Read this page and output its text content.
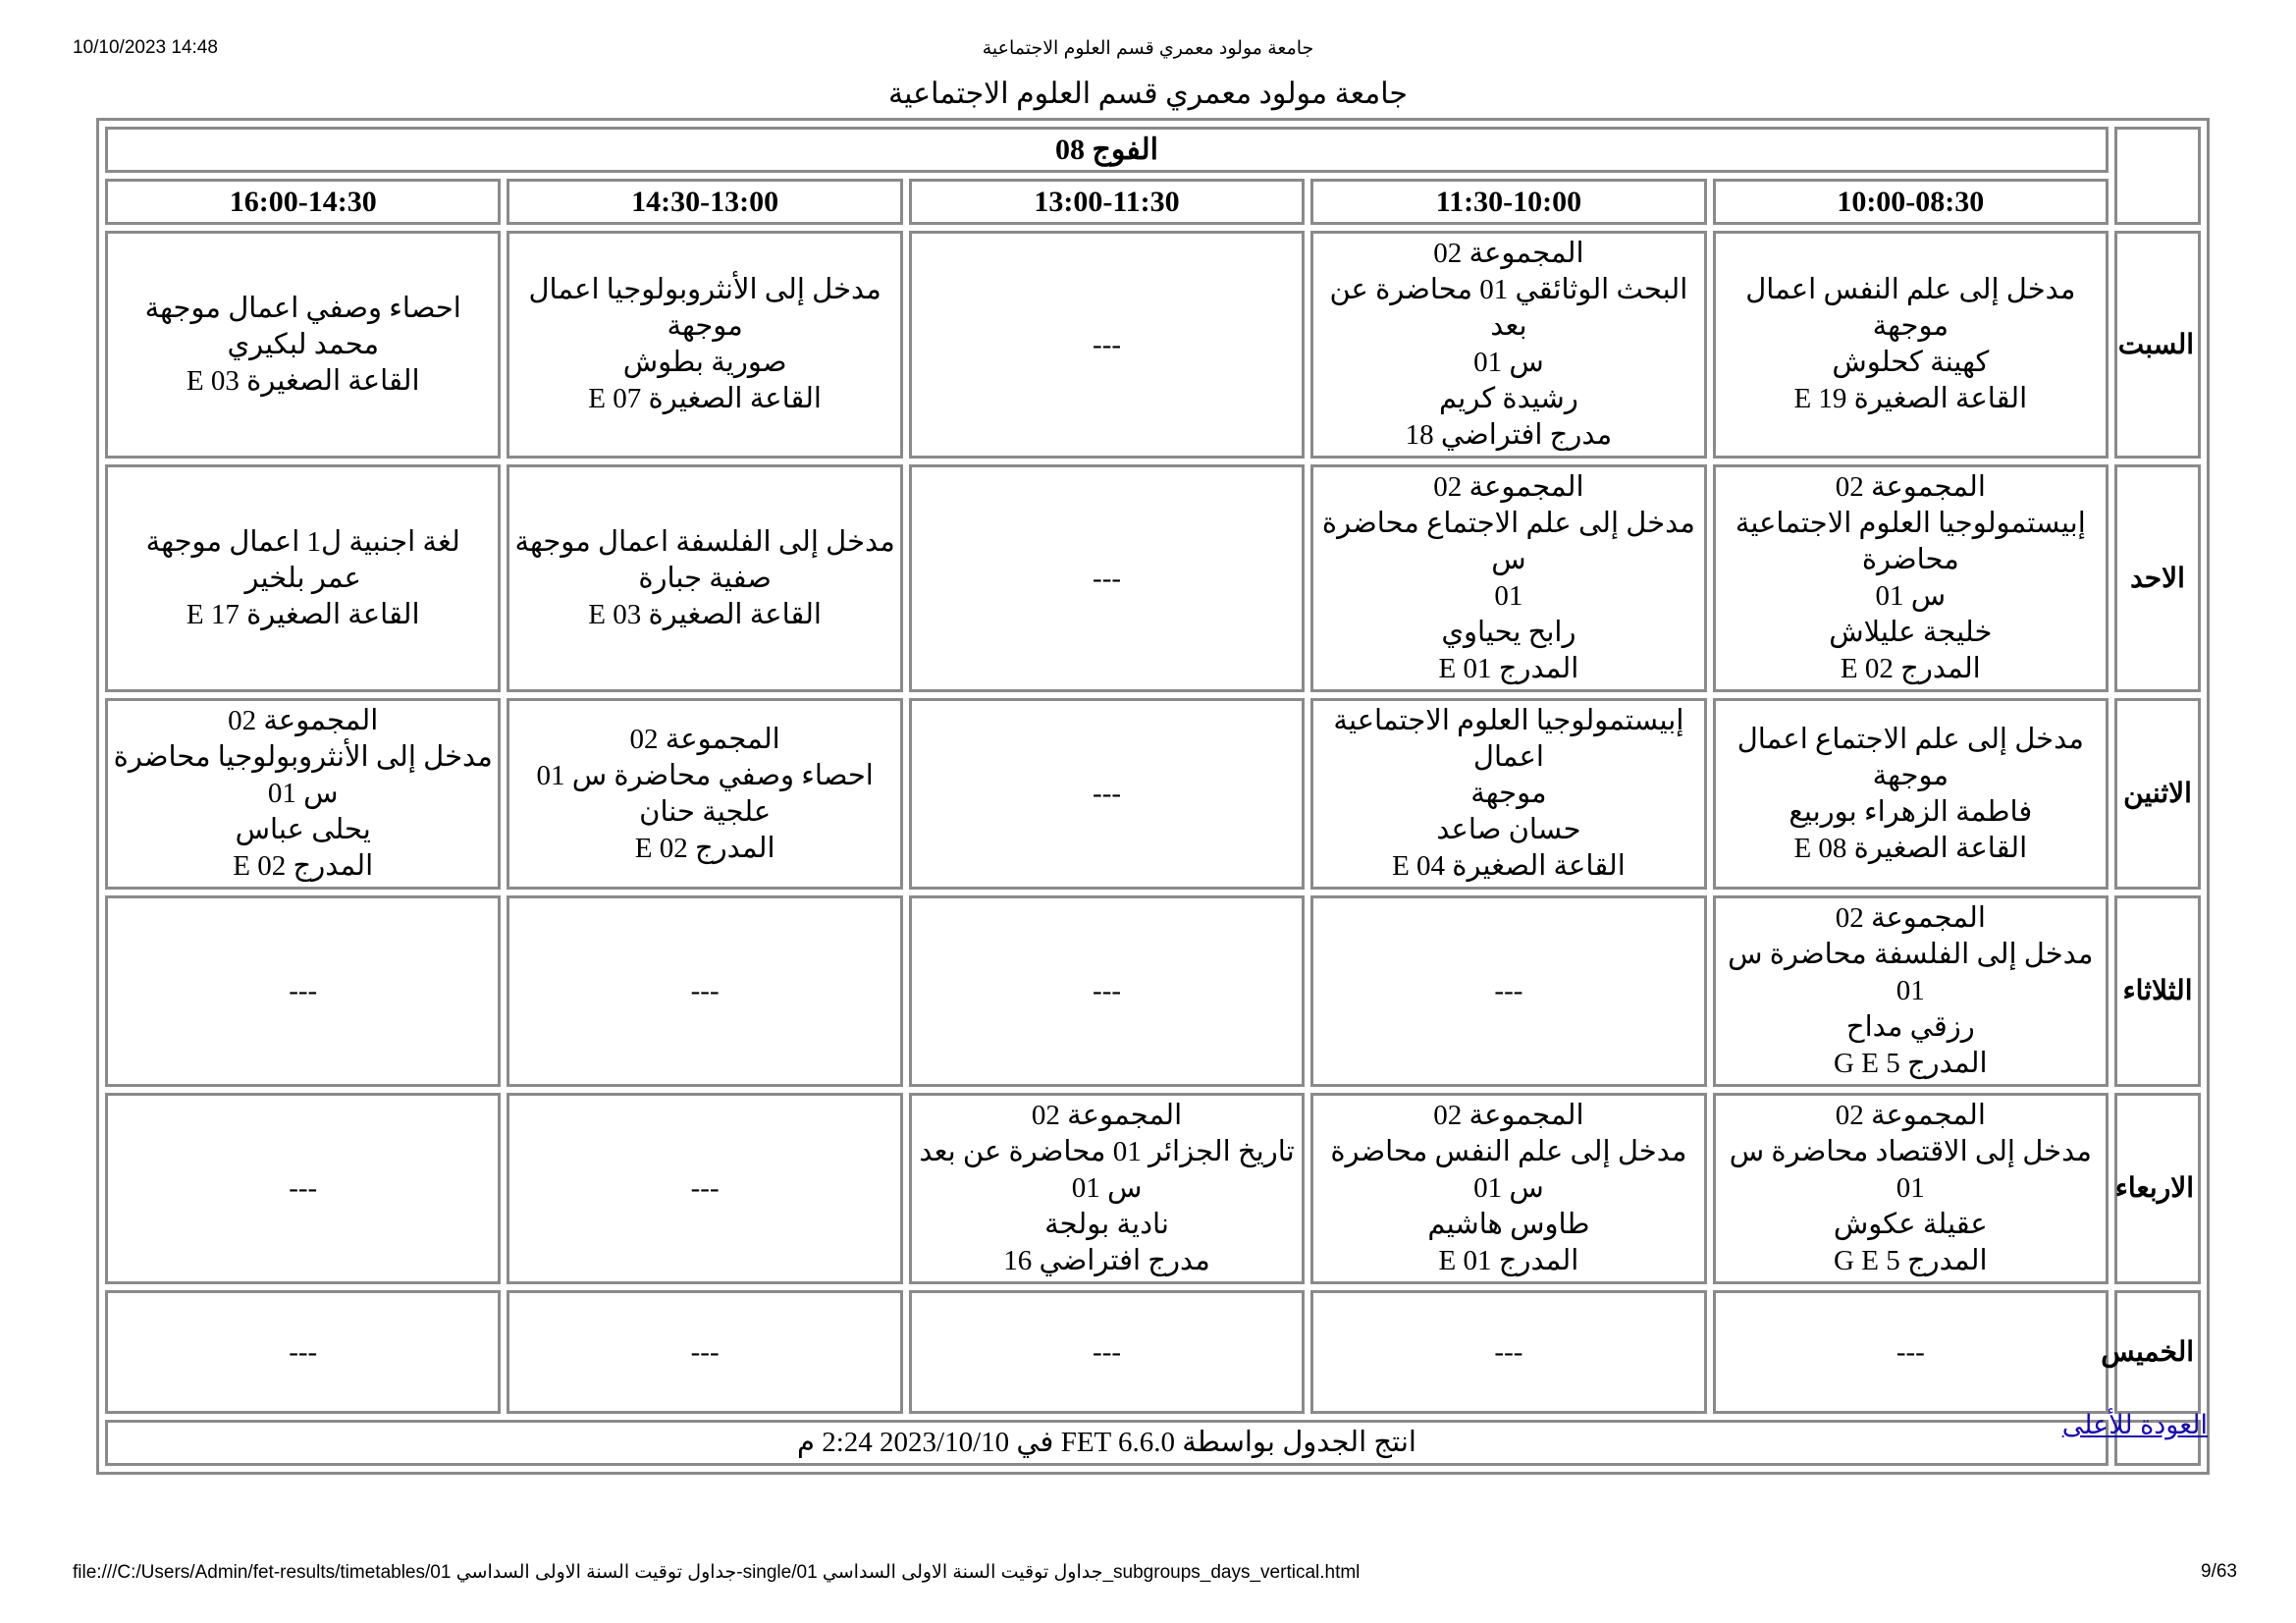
10/10/2023 14:48	جامعة مولود معمري قسم العلوم الاجتماعية
جامعة مولود معمري قسم العلوم الاجتماعية
	الفوج 08				
	10:00-08:30	11:30-10:00	13:00-11:30	14:30-13:00	16:00-14:30
السبت	مدخل إلى علم النفس اعمال موجهة
كهينة كحلوش
القاعة الصغيرة 19 E	المجموعة 02
البحث الوثائقي 01 محاضرة عن بعد
س 01
رشيدة كريم
مدرج افتراضي 18	---	مدخل إلى الأنثروبولوجيا اعمال
موجهة
صورية بطوش
القاعة الصغيرة 07 E	احصاء وصفي اعمال موجهة
محمد لبكيري
القاعة الصغيرة 03 E

الاحد	المجموعة 02
إبيستمولوجيا العلوم الاجتماعية محاضرة
س 01
خليجة عليلاش
المدرج 02 E	المجموعة 02
مدخل إلى علم الاجتماع محاضرة س
01
رابح يحياوي
المدرج 01 E	---	مدخل إلى الفلسفة اعمال موجهة
صفية جبارة
القاعة الصغيرة 03 E	لغة اجنبية ل1 اعمال موجهة
عمر بلخير
القاعة الصغيرة 17 E

الاثنين	مدخل إلى علم الاجتماع اعمال موجهة
فاطمة الزهراء بوربيع
القاعة الصغيرة 08 E	إبيستمولوجيا العلوم الاجتماعية اعمال
موجهة
حسان صاعد
القاعة الصغيرة 04 E	---	المجموعة 02
احصاء وصفي محاضرة س 01
علجية حنان
المدرج 02 E	المجموعة 02
مدخل إلى الأنثروبولوجيا محاضرة
س 01
يحلى عباس
المدرج 02 E

الثلاثاء	المجموعة 02
مدخل إلى الفلسفة محاضرة س 01
رزقي مداح
المدرج 5 G E	---	---	---	---

الاربعاء	المجموعة 02
مدخل إلى الاقتصاد محاضرة س 01
عقيلة عكوش
المدرج 5 G E	المجموعة 02
مدخل إلى علم النفس محاضرة س 01
طاوس هاشيم
المدرج 01 E	المجموعة 02
تاريخ الجزائر 01 محاضرة عن بعد
س 01
نادية بولجة
مدرج افتراضي 16	---	---

الخميس	---	---	---	---	---

	انتج الجدول بواسطة FET 6.6.0 في 2023/10/10 2:24 م				
العودة للأعلى
file:///C:/Users/Admin/fet-results/timetables/01 جداول توقيت السنة الاولى السداسي-single/01 جداول توقيت السنة الاولى السداسي_subgroups_days_vertical.html	9/63
